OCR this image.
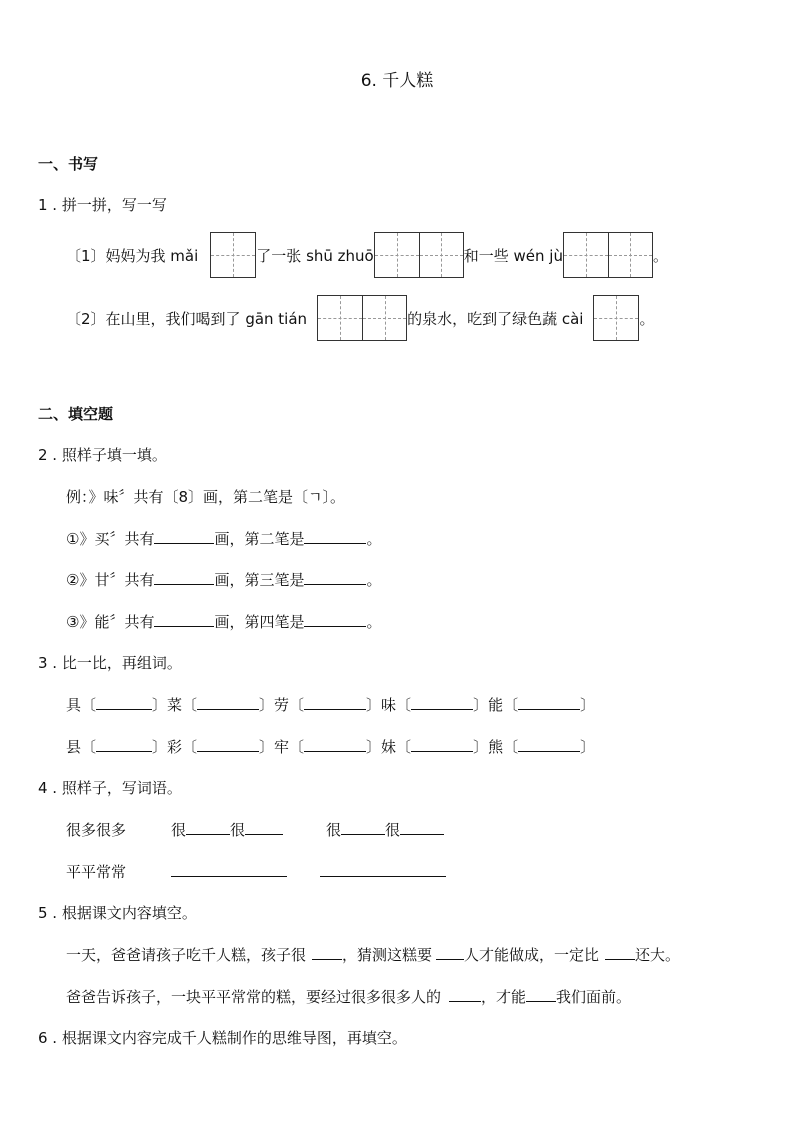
6. 千人糕
一、书写
1 . 拼一拼，写一写
〔1〕妈妈为我 mǎi	了一张 shū zhuō	和一些 wén jù	。
〔2〕在山里，我们喝到了 gān tián	的泉水，吃到了绿色蔬 cài	。
二、填空题
2 . 照样子填一填。
例：》味〞共有〔8〕画，第二笔是〔ㄱ〕。
①》买〞共有	画，第二笔是	。
②》甘〞共有	画，第三笔是	。
③》能〞共有	画，第四笔是	。
3 . 比一比，再组词。
具〔	〕菜〔	〕劳〔	〕味〔	〕能〔	〕
县〔	〕彩〔	〕牢〔	〕妹〔	〕熊〔	〕
4 . 照样子，写词语。
很多很多	很	很	很	很
平平常常
5 . 根据课文内容填空。
一天，爸爸请孩子吃千人糕，孩子很 ，猜测这糕要 人才能做成，一定比 还大。
爸爸告诉孩子，一块平平常常的糕，要经过很多很多人的	，才能 我们面前。
6 . 根据课文内容完成千人糕制作的思维导图，再填空。
